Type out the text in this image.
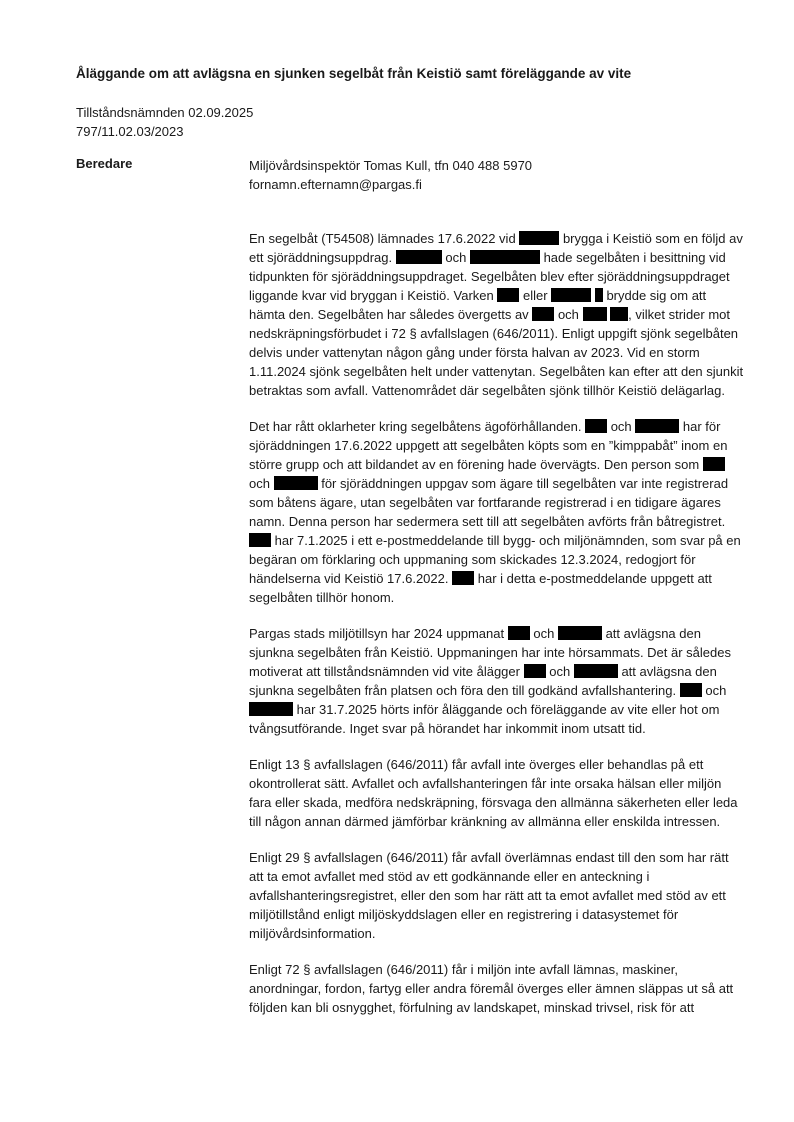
Åläggande om att avlägsna en sjunken segelbåt från Keistiö samt föreläggande av vite
Tillståndsnämnden 02.09.2025
797/11.02.03/2023
Beredare	Miljövårdsinspektör Tomas Kull, tfn 040 488 5970
fornamn.efternamn@pargas.fi

En segelbåt (T54508) lämnades 17.6.2022 vid	brygga i Keistiö som en följd av ett sjöräddningsuppdrag.	och	hade segelbåten i besittning vid tidpunkten för sjöräddningsuppdraget. Segelbåten blev efter sjöräddningsuppdraget liggande kvar vid bryggan i Keistiö. Varken eller	brydde sig om att hämta den. Segelbåten har således övergetts av och	, vilket strider mot nedskräpningsförbudet i 72 § avfallslagen (646/2011). Enligt uppgift sjönk segelbåten delvis under vattenytan någon gång under första halvan av 2023. Vid en storm 1.11.2024 sjönk segelbåten helt under vattenytan. Segelbåten kan efter att den sjunkit betraktas som avfall. Vattenområdet där segelbåten sjönk tillhör Keistiö delägarlag.

Det har rått oklarheter kring segelbåtens ägoförhållanden. och	har för sjöräddningen 17.6.2022 uppgett att segelbåten köpts som en ”kimppabåt” inom en större grupp och att bildandet av en förening hade övervägts. Den person som  och	för sjöräddningen uppgav som ägare till segelbåten var inte registrerad som båtens ägare, utan segelbåten var fortfarande registrerad i en tidigare ägares namn. Denna person har sedermera sett till att segelbåten avförts från båtregistret.  har 7.1.2025 i ett e-postmeddelande till bygg- och miljönämnden, som svar på en begäran om förklaring och uppmaning som skickades 12.3.2024, redogjort för händelserna vid Keistiö 17.6.2022. har i detta e-postmeddelande uppgett att segelbåten tillhör honom.

Pargas stads miljötillsyn har 2024 uppmanat och	att avlägsna den sjunkna segelbåten från Keistiö. Uppmaningen har inte hörsammats. Det är således motiverat att tillståndsnämnden vid vite ålägger och	att avlägsna den sjunkna segelbåten från platsen och föra den till godkänd avfallshantering. och  har 31.7.2025 hörts inför åläggande och föreläggande av vite eller hot om tvångsutförande. Inget svar på hörandet har inkommit inom utsatt tid.

Enligt 13 § avfallslagen (646/2011) får avfall inte överges eller behandlas på ett okontrollerat sätt. Avfallet och avfallshanteringen får inte orsaka hälsan eller miljön fara eller skada, medföra nedskräpning, försvaga den allmänna säkerheten eller leda till någon annan därmed jämförbar kränkning av allmänna eller enskilda intressen.

Enligt 29 § avfallslagen (646/2011) får avfall överlämnas endast till den som har rätt att ta emot avfallet med stöd av ett godkännande eller en anteckning i avfallshanteringsregistret, eller den som har rätt att ta emot avfallet med stöd av ett miljötillstånd enligt miljöskyddslagen eller en registrering i datasystemet för miljövårdsinformation.

Enligt 72 § avfallslagen (646/2011) får i miljön inte avfall lämnas, maskiner, anordningar, fordon, fartyg eller andra föremål överges eller ämnen släppas ut så att följden kan bli osnygghet, förfulning av landskapet, minskad trivsel, risk för att
